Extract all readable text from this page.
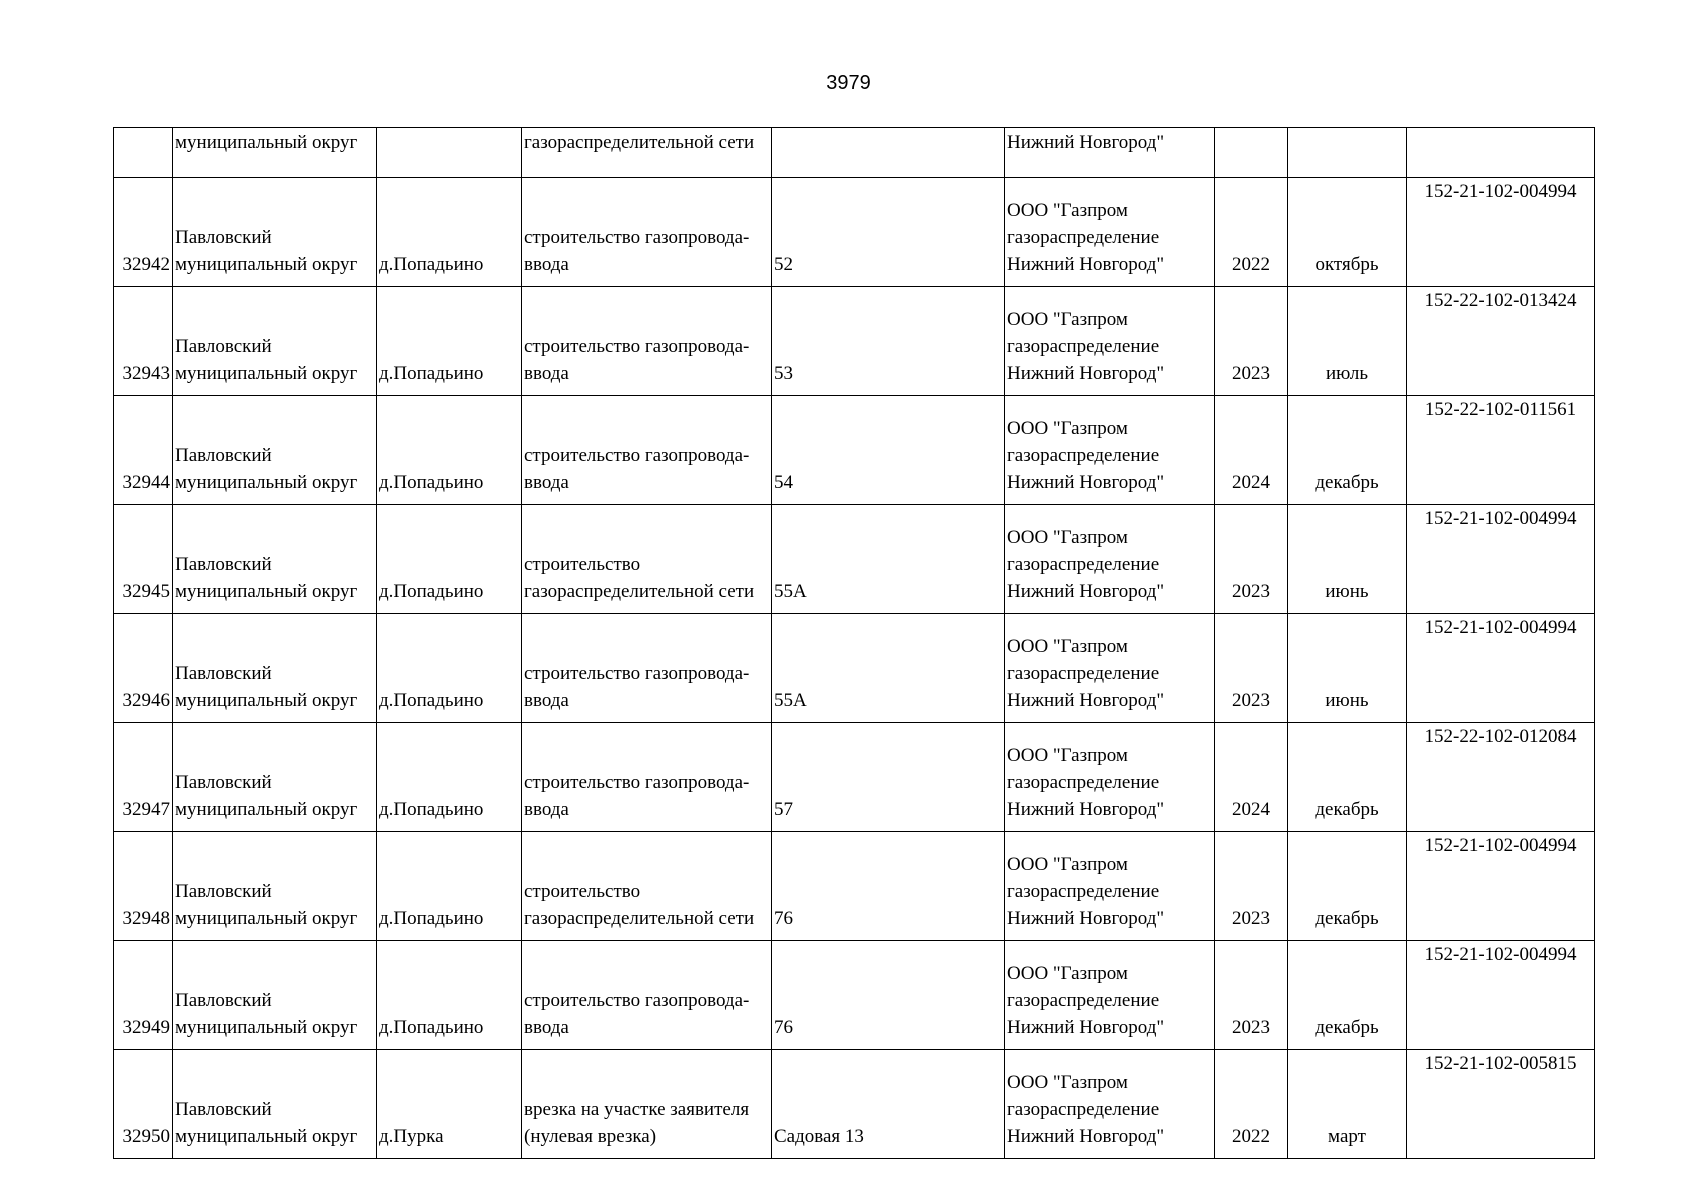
3979
	муниципальный округ		газораспределительной сети		Нижний Новгород"			
32942	Павловский
муниципальный округ	д.Попадьино	строительство газопровода-
ввода	52	ООО "Газпром
газораспределение
Нижний Новгород"	2022	октябрь	152-21-102-004994
32943	Павловский
муниципальный округ	д.Попадьино	строительство газопровода-
ввода	53	ООО "Газпром
газораспределение
Нижний Новгород"	2023	июль	152-22-102-013424
32944	Павловский
муниципальный округ	д.Попадьино	строительство газопровода-
ввода	54	ООО "Газпром
газораспределение
Нижний Новгород"	2024	декабрь	152-22-102-011561
32945	Павловский
муниципальный округ	д.Попадьино	строительство
газораспределительной сети	55А	ООО "Газпром
газораспределение
Нижний Новгород"	2023	июнь	152-21-102-004994
32946	Павловский
муниципальный округ	д.Попадьино	строительство газопровода-
ввода	55А	ООО "Газпром
газораспределение
Нижний Новгород"	2023	июнь	152-21-102-004994
32947	Павловский
муниципальный округ	д.Попадьино	строительство газопровода-
ввода	57	ООО "Газпром
газораспределение
Нижний Новгород"	2024	декабрь	152-22-102-012084
32948	Павловский
муниципальный округ	д.Попадьино	строительство
газораспределительной сети	76	ООО "Газпром
газораспределение
Нижний Новгород"	2023	декабрь	152-21-102-004994
32949	Павловский
муниципальный округ	д.Попадьино	строительство газопровода-
ввода	76	ООО "Газпром
газораспределение
Нижний Новгород"	2023	декабрь	152-21-102-004994
32950	Павловский
муниципальный округ	д.Пурка	врезка на участке заявителя
(нулевая врезка)	Садовая 13	ООО "Газпром
газораспределение
Нижний Новгород"	2022	март	152-21-102-005815
